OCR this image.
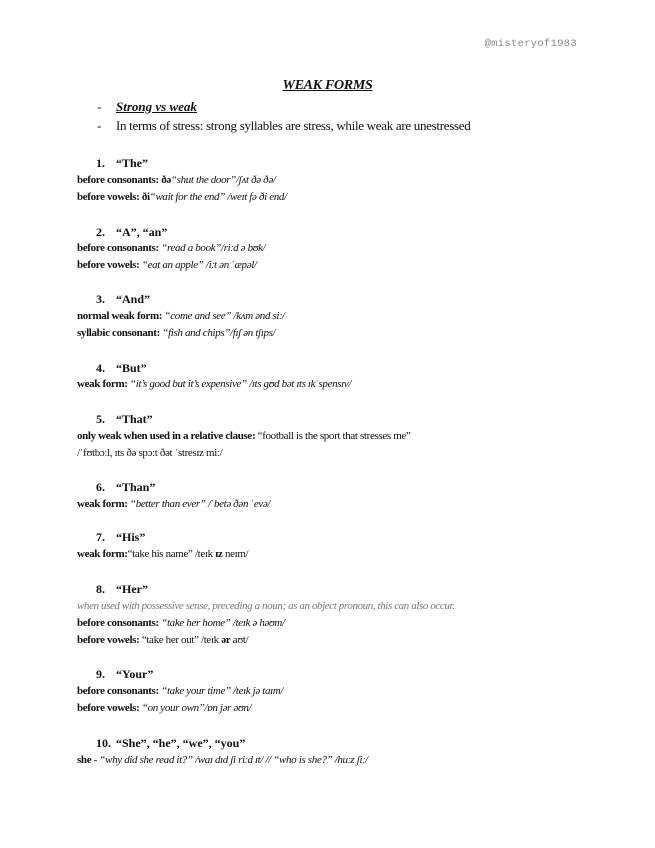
@misteryof1983
WEAK FORMS
- Strong vs weak
- In terms of stress: strong syllables are stress, while weak are unestressed
1. “The”
before consonants: ðə“shut the door”/ʃʌt ðə ðə/
before vowels: ði“wait for the end” /weɪt fə ði end/
2. “A”, “an”
before consonants: “read a book”/riːd ə bʊk/
before vowels: “eat an apple” /iːt ən ˈæpəl/
3. “And”
normal weak form: “come and see” /kʌm ənd siː/
syllabic consonant: “fish and chips”/fɪʃ ən tʃɪps/
4. “But”
weak form: “it’s good but it’s expensive” /ɪts gʊd bət ɪts ɪkˈspensɪv/
5. “That”
only weak when used in a relative clause: “football is the sport that stresses me”
/ˈfʊtbɔːl, ɪts ðə spɔːt ðət ˈstresɪz miː/
6. “Than”
weak form: “better than ever” /ˈbetə ðən ˈevə/
7. “His”
weak form:“take his name” /teɪk ɪz neɪm/
8. “Her”
when used with possessive sense, preceding a noun; as an object pronoun, this can also occur.
before consonants: “take her home” /teɪk ə həʊm/
before vowels: “take her out” /teɪk ər aʊt/
9. “Your”
before consonants: “take your time” /teɪk jə taɪm/
before vowels: “on your own”/ɒn jər əʊn/
10. “She”, “he”, “we”, “you”
she - “why did she read it?” /waɪ dɪd ʃi riːd ɪt/ // “who is she?” /huːz ʃiː/
